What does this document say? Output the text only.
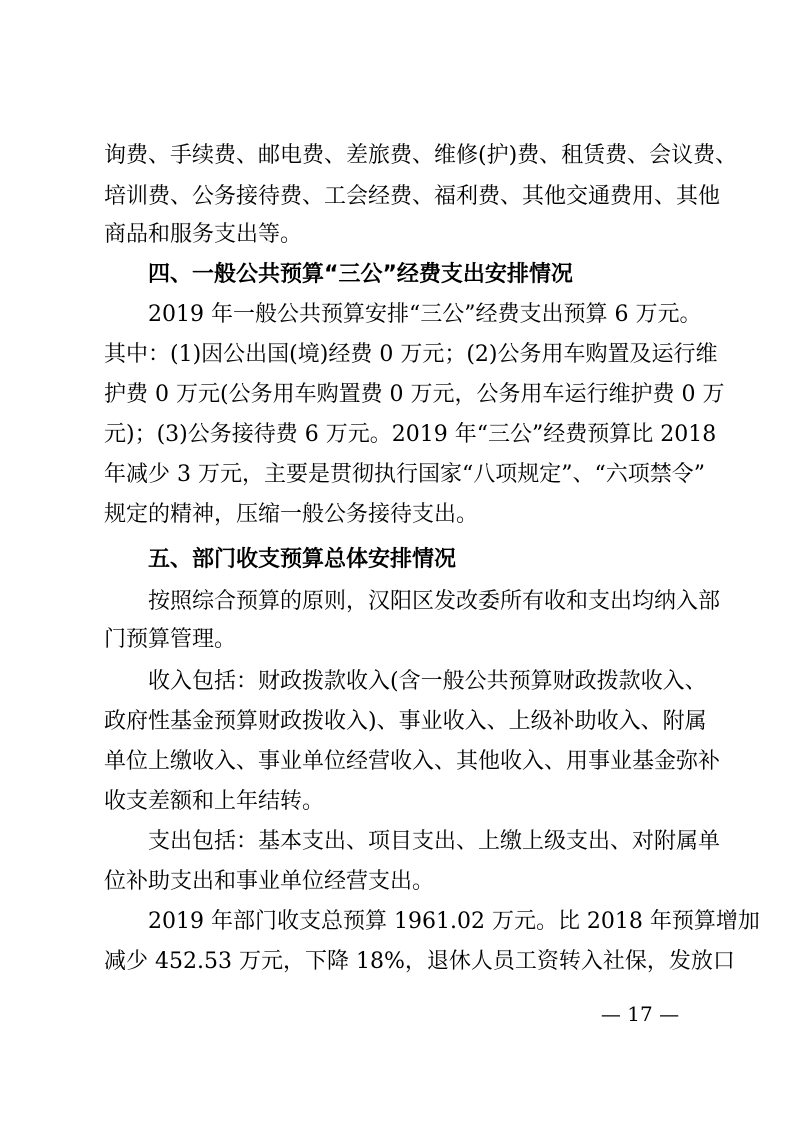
询费、手续费、邮电费、差旅费、维修(护)费、租赁费、会议费、
培训费、公务接待费、工会经费、福利费、其他交通费用、其他
商品和服务支出等。
四、一般公共预算“三公”经费支出安排情况
2019 年一般公共预算安排“三公”经费支出预算 6 万元。
其中：(1)因公出国(境)经费 0 万元；(2)公务用车购置及运行维
护费 0 万元(公务用车购置费 0 万元，公务用车运行维护费 0 万
元)；(3)公务接待费 6 万元。2019 年“三公”经费预算比 2018
年减少 3 万元，主要是贯彻执行国家“八项规定”、“六项禁令”
规定的精神，压缩一般公务接待支出。
五、部门收支预算总体安排情况
按照综合预算的原则，汉阳区发改委所有收和支出均纳入部
门预算管理。
收入包括：财政拨款收入(含一般公共预算财政拨款收入、
政府性基金预算财政拨收入)、事业收入、上级补助收入、附属
单位上缴收入、事业单位经营收入、其他收入、用事业基金弥补
收支差额和上年结转。
支出包括：基本支出、项目支出、上缴上级支出、对附属单
位补助支出和事业单位经营支出。
2019 年部门收支总预算 1961.02 万元。比 2018 年预算增加
减少 452.53 万元，下降 18%，退休人员工资转入社保，发放口
— 17 —
